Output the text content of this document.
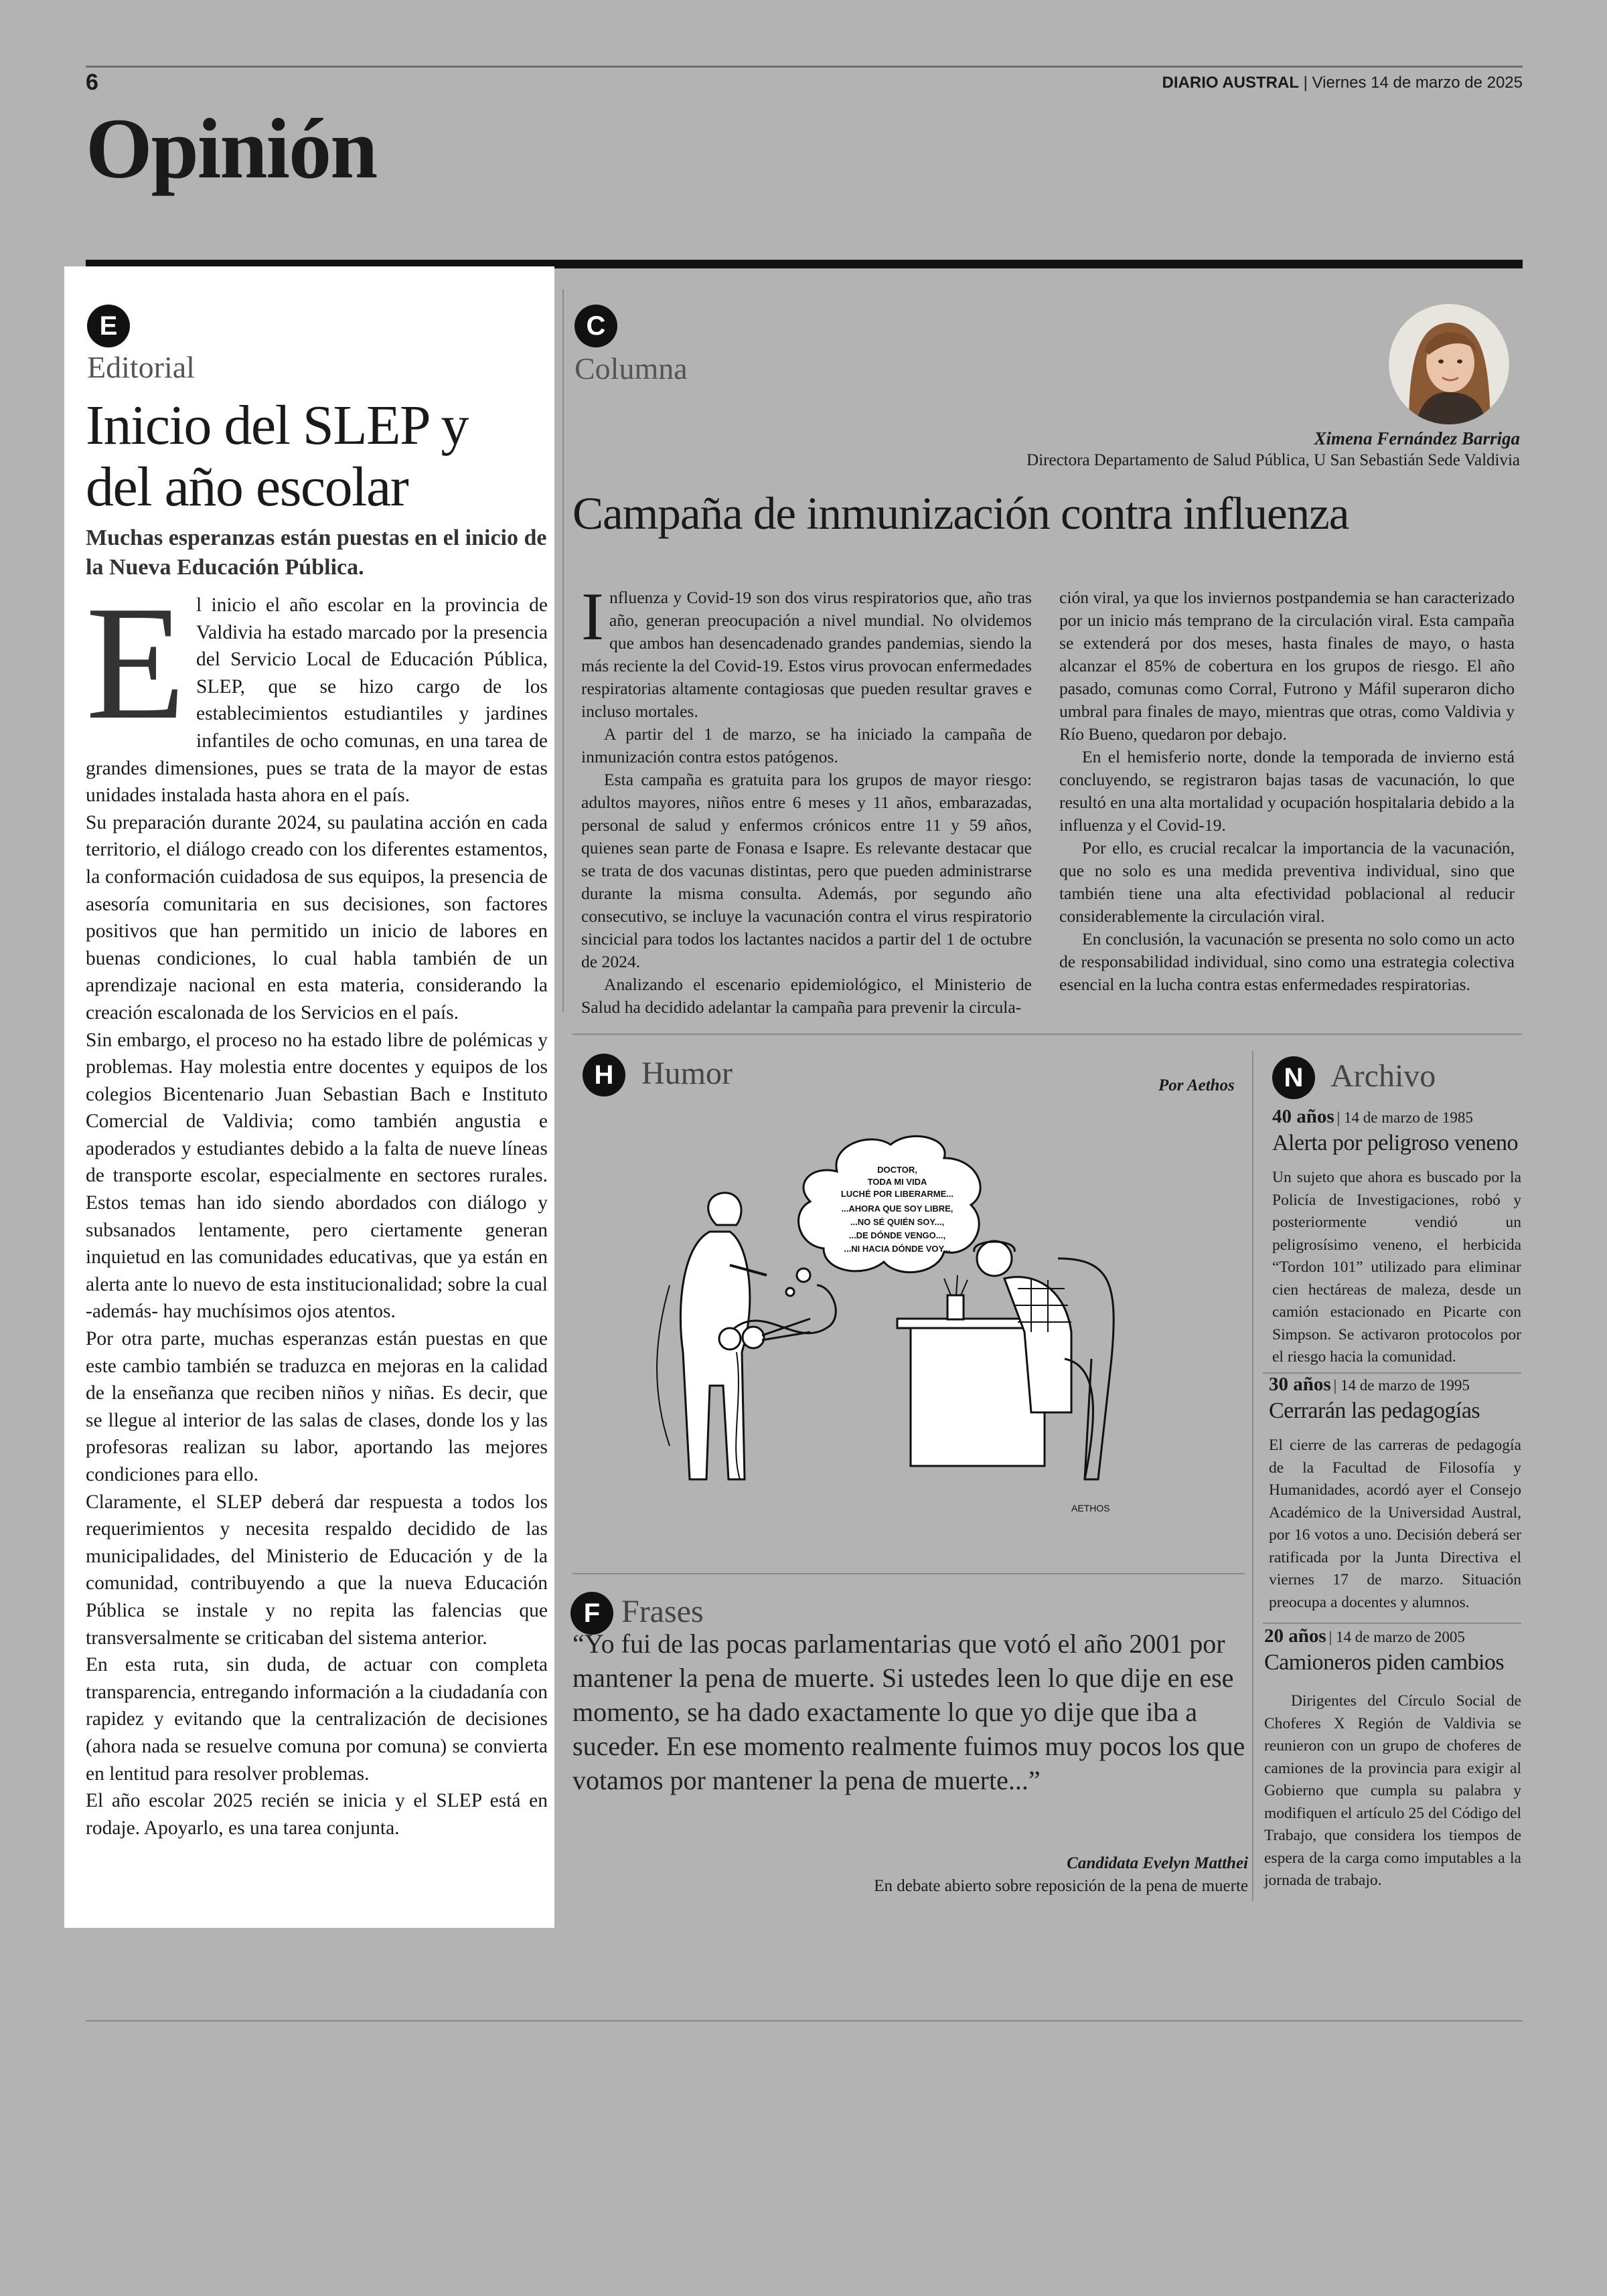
6	DIARIO AUSTRAL | Viernes 14 de marzo de 2025
Opinión
E
Editorial
Inicio del SLEP y
del año escolar
Muchas esperanzas están puestas en el inicio de la Nueva Educación Pública.
E l inicio el año escolar en la provincia de Valdivia ha estado marcado por la presencia del Servicio Local de Educación Pública, SLEP, que se hizo cargo de los establecimientos estudiantiles y jardines infantiles de ocho comunas, en una tarea de grandes dimensiones, pues se trata de la mayor de estas unidades instalada hasta ahora en el país.

Su preparación durante 2024, su paulatina acción en cada territorio, el diálogo creado con los diferentes estamentos, la conformación cuidadosa de sus equipos, la presencia de asesoría comunitaria en sus decisiones, son factores positivos que han permitido un inicio de labores en buenas condiciones, lo cual habla también de un aprendizaje nacional en esta materia, considerando la creación escalonada de los Servicios en el país.

Sin embargo, el proceso no ha estado libre de polémicas y problemas. Hay molestia entre docentes y equipos de los colegios Bicentenario Juan Sebastian Bach e Instituto Comercial de Valdivia; como también angustia e apoderados y estudiantes debido a la falta de nueve líneas de transporte escolar, especialmente en sectores rurales. Estos temas han ido siendo abordados con diálogo y subsanados lentamente, pero ciertamente generan inquietud en las comunidades educativas, que ya están en alerta ante lo nuevo de esta institucionalidad; sobre la cual -además- hay muchísimos ojos atentos.

Por otra parte, muchas esperanzas están puestas en que este cambio también se traduzca en mejoras en la calidad de la enseñanza que reciben niños y niñas. Es decir, que se llegue al interior de las salas de clases, donde los y las profesoras realizan su labor, aportando las mejores condiciones para ello.

Claramente, el SLEP deberá dar respuesta a todos los requerimientos y necesita respaldo decidido de las municipalidades, del Ministerio de Educación y de la comunidad, contribuyendo a que la nueva Educación Pública se instale y no repita las falencias que transversalmente se criticaban del sistema anterior.

En esta ruta, sin duda, de actuar con completa transparencia, entregando información a la ciudadanía con rapidez y evitando que la centralización de decisiones (ahora nada se resuelve comuna por comuna) se convierta en lentitud para resolver problemas.

El año escolar 2025 recién se inicia y el SLEP está en rodaje. Apoyarlo, es una tarea conjunta.

C
Columna
Ximena Fernández Barriga
Directora Departamento de Salud Pública, U San Sebastián Sede Valdivia
Campaña de inmunización contra influenza
I nfluenza y Covid-19 son dos virus respiratorios que, año tras año, generan preocupación a nivel mundial. No olvidemos que ambos han desencadenado grandes pandemias, siendo la más reciente la del Covid-19. Estos virus provocan enfermedades respiratorias altamente contagiosas que pueden resultar graves e incluso mortales.

A partir del 1 de marzo, se ha iniciado la campaña de inmunización contra estos patógenos.

Esta campaña es gratuita para los grupos de mayor riesgo: adultos mayores, niños entre 6 meses y 11 años, embarazadas, personal de salud y enfermos crónicos entre 11 y 59 años, quienes sean parte de Fonasa e Isapre. Es relevante destacar que se trata de dos vacunas distintas, pero que pueden administrarse durante la misma consulta. Además, por segundo año consecutivo, se incluye la vacunación contra el virus respiratorio sincicial para todos los lactantes nacidos a partir del 1 de octubre de 2024.

Analizando el escenario epidemiológico, el Ministerio de Salud ha decidido adelantar la campaña para prevenir la circula-

ción viral, ya que los inviernos postpandemia se han caracterizado por un inicio más temprano de la circulación viral. Esta campaña se extenderá por dos meses, hasta finales de mayo, o hasta alcanzar el 85% de cobertura en los grupos de riesgo. El año pasado, comunas como Corral, Futrono y Máfil superaron dicho umbral para finales de mayo, mientras que otras, como Valdivia y Río Bueno, quedaron por debajo.

En el hemisferio norte, donde la temporada de invierno está concluyendo, se registraron bajas tasas de vacunación, lo que resultó en una alta mortalidad y ocupación hospitalaria debido a la influenza y el Covid-19.

Por ello, es crucial recalcar la importancia de la vacunación, que no solo es una medida preventiva individual, sino que también tiene una alta efectividad poblacional al reducir considerablemente la circulación viral.

En conclusión, la vacunación se presenta no solo como un acto de responsabilidad individual, sino como una estrategia colectiva esencial en la lucha contra estas enfermedades respiratorias.

H Humor	Por Aethos
DOCTOR,
TODA MI VIDA
LUCHÉ POR LIBERARME...
...AHORA QUE SOY LIBRE,
...NO SÉ QUIÉN SOY...,
...DE DÓNDE VENGO...,
...NI HACIA DÓNDE VOY...
AETHOS
N Archivo
40 años | 14 de marzo de 1985
Alerta por peligroso veneno
Un sujeto que ahora es buscado por la Policía de Investigaciones, robó y posteriormente vendió un peligrosísimo veneno, el herbicida “Tordon 101” utilizado para eliminar cien hectáreas de maleza, desde un camión estacionado en Picarte con Simpson. Se activaron protocolos por el riesgo hacia la comunidad.
30 años | 14 de marzo de 1995
Cerrarán las pedagogías
El cierre de las carreras de pedagogía de la Facultad de Filosofía y Humanidades, acordó ayer el Consejo Académico de la Universidad Austral, por 16 votos a uno. Decisión deberá ser ratificada por la Junta Directiva el viernes 17 de marzo. Situación preocupa a docentes y alumnos.
20 años | 14 de marzo de 2005
Camioneros piden cambios
Dirigentes del Círculo Social de Choferes X Región de Valdivia se reunieron con un grupo de choferes de camiones de la provincia para exigir al Gobierno que cumpla su palabra y modifiquen el artículo 25 del Código del Trabajo, que considera los tiempos de espera de la carga como imputables a la jornada de trabajo.
F Frases
“Yo fui de las pocas parlamentarias que votó el año 2001 por mantener la pena de muerte. Si ustedes leen lo que dije en ese momento, se ha dado exactamente lo que yo dije que iba a suceder. En ese momento realmente fuimos muy pocos los que votamos por mantener la pena de muerte...”
Candidata Evelyn Matthei
En debate abierto sobre reposición de la pena de muerte
